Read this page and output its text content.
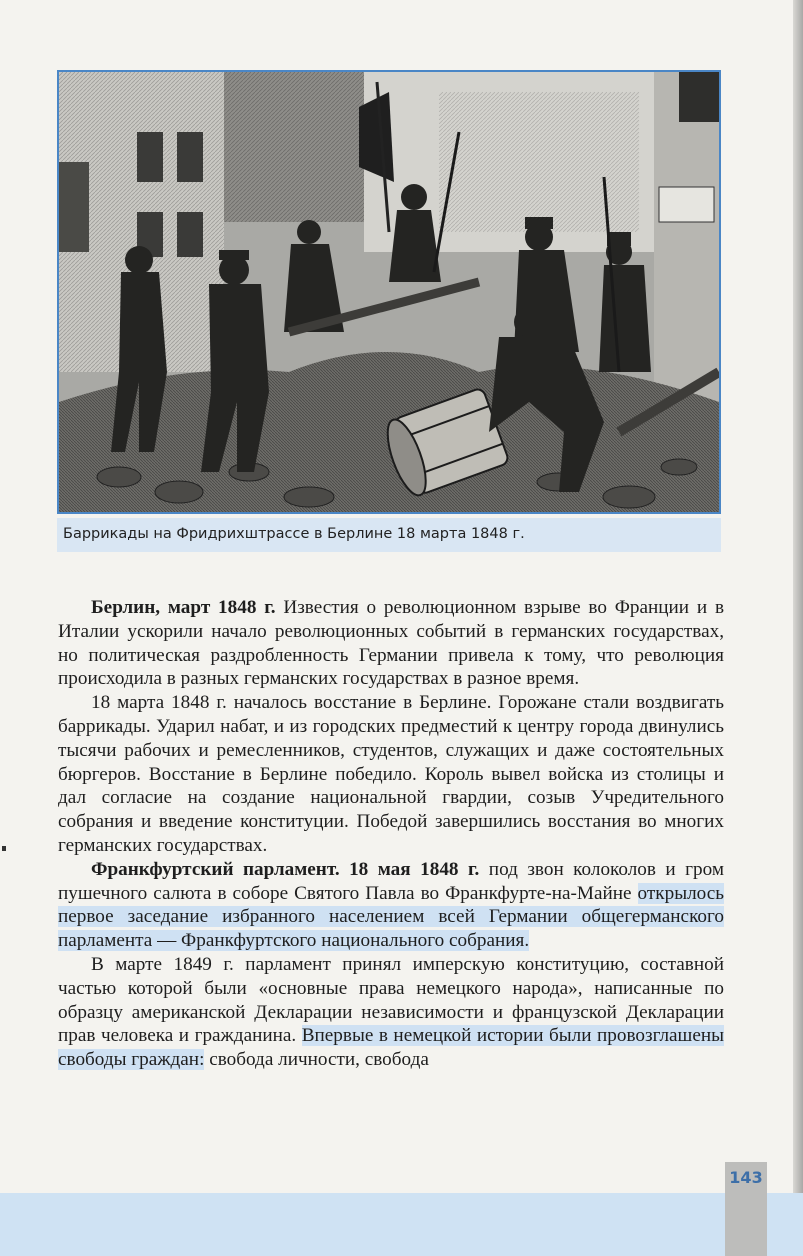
Баррикады на Фридрихштрассе в Берлине 18 марта 1848 г.

Берлин, март 1848 г. Известия о революционном взрыве во Франции и в Италии ускорили начало революционных событий в германских государствах, но политическая раздробленность Германии привела к тому, что революция происходила в разных германских государствах в разное время.

18 марта 1848 г. началось восстание в Берлине. Горожане стали воздвигать баррикады. Ударил набат, и из городских предместий к центру города двинулись тысячи рабочих и ремесленников, студентов, служащих и даже состоятельных бюргеров. Восстание в Берлине победило. Король вывел войска из столицы и дал согласие на создание национальной гвардии, созыв Учредительного собрания и введение конституции. Победой завершились восстания во многих германских государствах.

Франкфуртский парламент. 18 мая 1848 г. под звон колоколов и гром пушечного салюта в соборе Святого Павла во Франкфурте-на-Майне открылось первое заседание избранного населением всей Германии общегерманского парламента — Франкфуртского национального собрания.

В марте 1849 г. парламент принял имперскую конституцию, составной частью которой были «основные права немецкого народа», написанные по образцу американской Декларации независимости и французской Декларации прав человека и гражданина. Впервые в немецкой истории были провозглашены свободы граждан: свобода личности, свобода

143
